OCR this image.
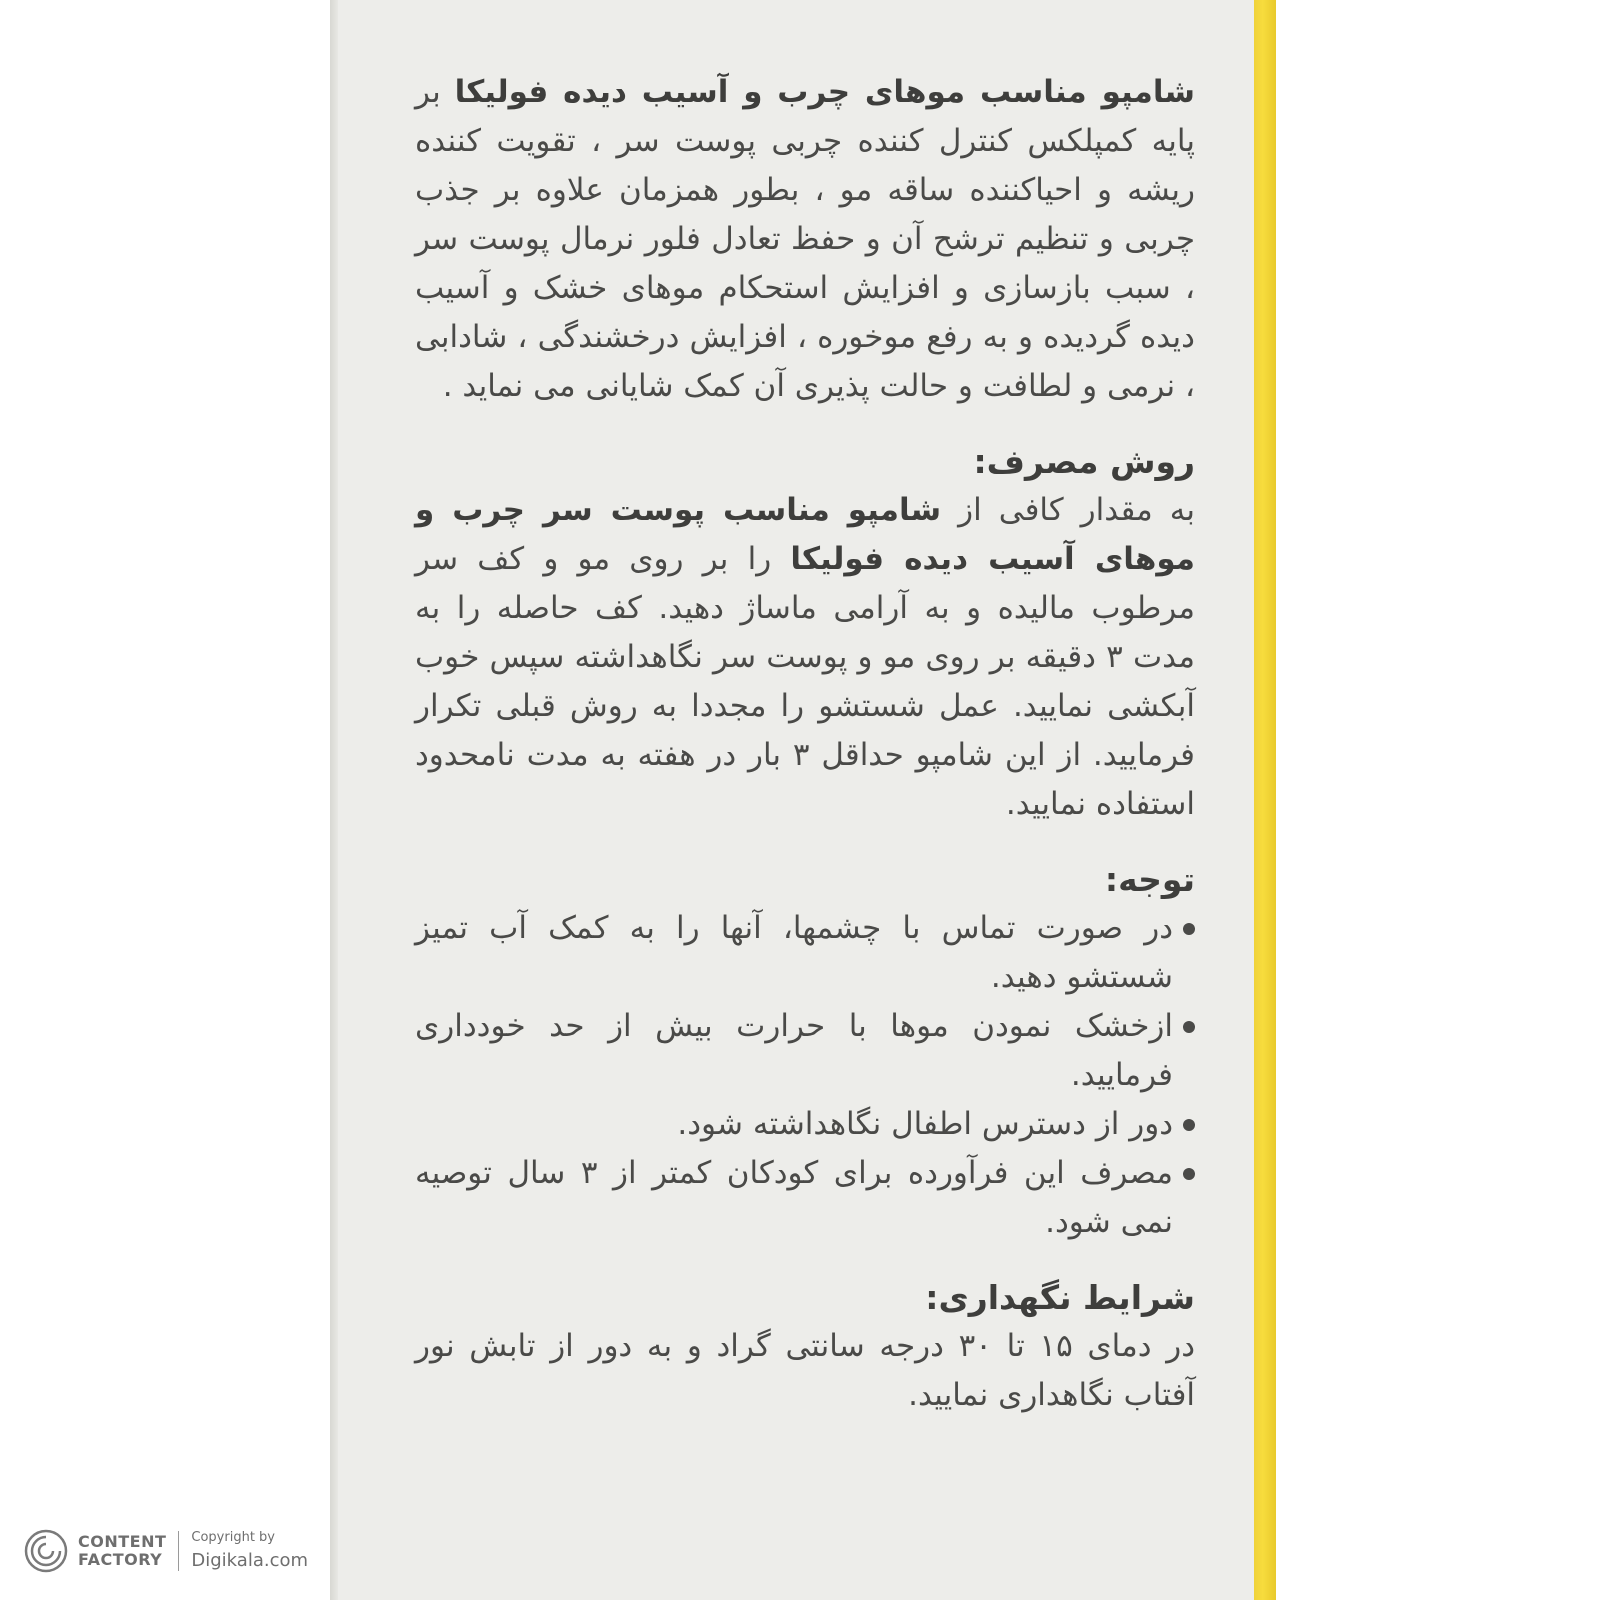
شامپو مناسب موهای چرب و آسیب دیده فولیکا بر پایه کمپلکس کنترل کننده چربی پوست سر ، تقویت کننده ریشه و احیاکننده ساقه مو ، بطور همزمان علاوه بر جذب چربی و تنظیم ترشح آن و حفظ تعادل فلور نرمال پوست سر ، سبب بازسازی و افزایش استحکام موهای خشک و آسیب دیده گردیده و به رفع موخوره ، افزایش درخشندگی ، شادابی ، نرمی و لطافت و حالت پذیری آن کمک شایانی می نماید .

روش مصرف:

به مقدار کافی از شامپو مناسب پوست سر چرب و موهای آسیب دیده فولیکا را بر روی مو و کف سر مرطوب مالیده و به آرامی ماساژ دهید. کف حاصله را به مدت ۳ دقیقه بر روی مو و پوست سر نگاهداشته سپس خوب آبکشی نمایید. عمل شستشو را مجددا به روش قبلی تکرار فرمایید. از این شامپو حداقل ۳ بار در هفته به مدت نامحدود استفاده نمایید.

توجه:

در صورت تماس با چشمها، آنها را به کمک آب تمیز شستشو دهید.
ازخشک نمودن موها با حرارت بیش از حد خودداری فرمایید.
دور از دسترس اطفال نگاهداشته شود.
مصرف این فرآورده برای کودکان کمتر از ۳ سال توصیه نمی شود.

شرایط نگهداری:

در دمای ۱۵ تا ۳۰ درجه سانتی گراد و به دور از تابش نور آفتاب نگاهداری نمایید.

CONTENT
FACTORY
Copyright by
Digikala.com
